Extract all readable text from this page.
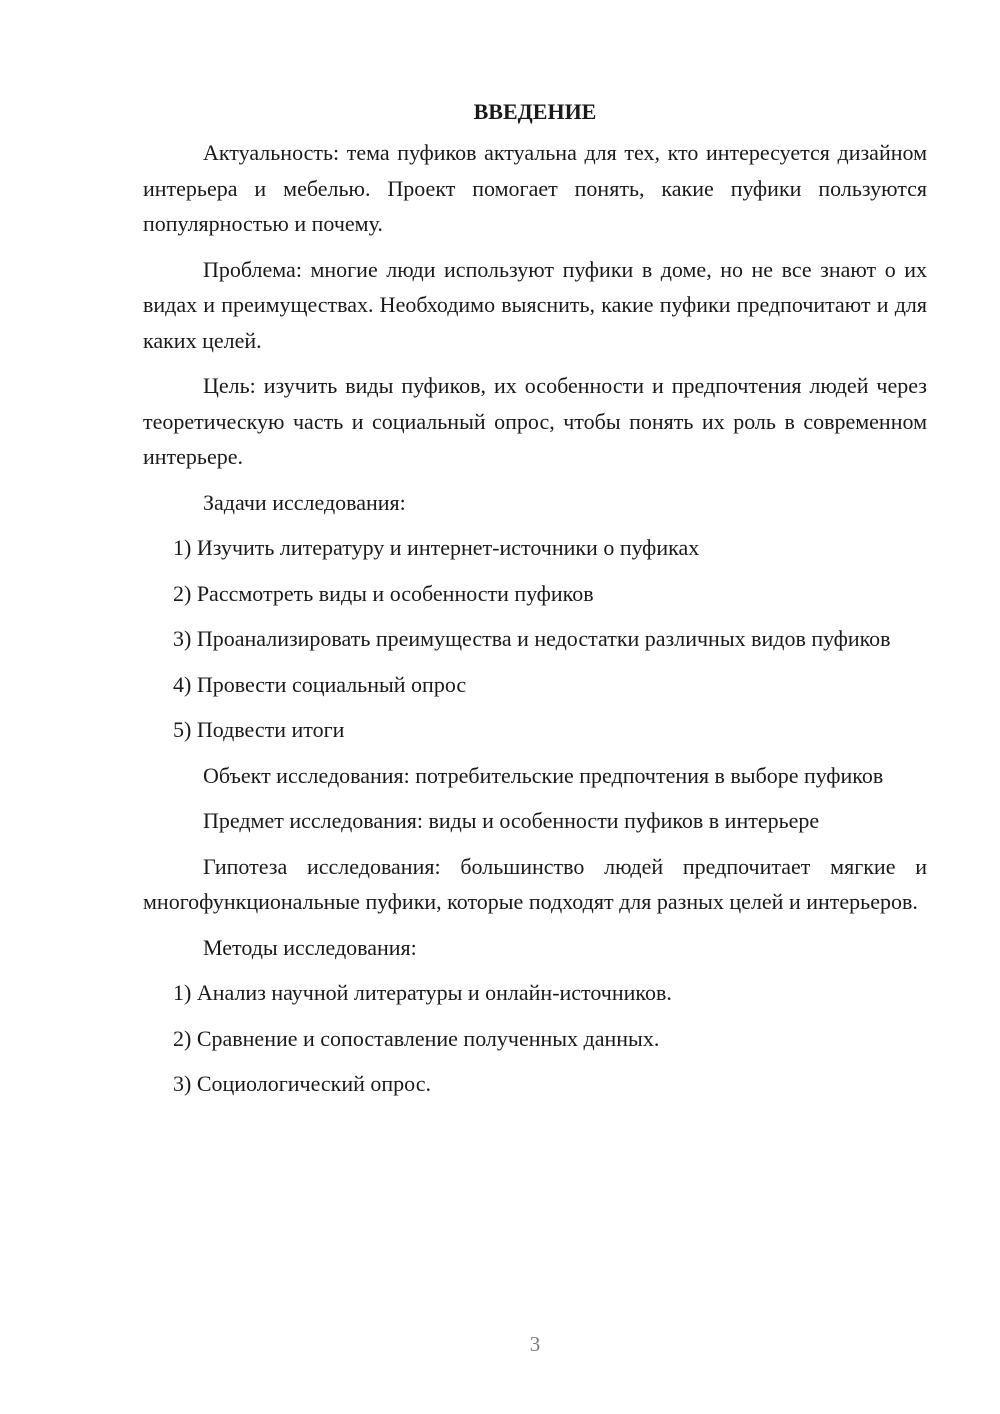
ВВЕДЕНИЕ

Актуальность: тема пуфиков актуальна для тех, кто интересуется дизайном интерьера и мебелью. Проект помогает понять, какие пуфики пользуются популярностью и почему.

Проблема: многие люди используют пуфики в доме, но не все знают о их видах и преимуществах. Необходимо выяснить, какие пуфики предпочитают и для каких целей.

Цель: изучить виды пуфиков, их особенности и предпочтения людей через теоретическую часть и социальный опрос, чтобы понять их роль в современном интерьере.

Задачи исследования:

1) Изучить литературу и интернет-источники о пуфиках

2) Рассмотреть виды и особенности пуфиков

3) Проанализировать преимущества и недостатки различных видов пуфиков

4) Провести социальный опрос

5) Подвести итоги

Объект исследования: потребительские предпочтения в выборе пуфиков

Предмет исследования: виды и особенности пуфиков в интерьере

Гипотеза исследования: большинство людей предпочитает мягкие и многофункциональные пуфики, которые подходят для разных целей и интерьеров.

Методы исследования:

1) Анализ научной литературы и онлайн-источников.

2) Сравнение и сопоставление полученных данных.

3) Социологический опрос.

3
